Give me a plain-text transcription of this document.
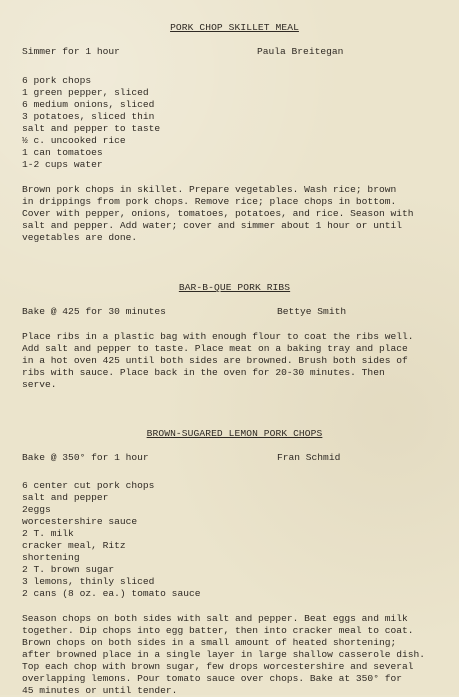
PORK CHOP SKILLET MEAL
Simmer for 1 hour	Paula Breitegan
6 pork chops
1 green pepper, sliced
6 medium onions, sliced
3 potatoes, sliced thin
salt and pepper to taste
½ c. uncooked rice
1 can tomatoes
1-2 cups water
Brown pork chops in skillet. Prepare vegetables. Wash rice; brown
in drippings from pork chops. Remove rice; place chops in bottom.
Cover with pepper, onions, tomatoes, potatoes, and rice. Season with
salt and pepper. Add water; cover and simmer about 1 hour or until
vegetables are done.
BAR-B-QUE PORK RIBS
Bake @ 425 for 30 minutes	Bettye Smith
Place ribs in a plastic bag with enough flour to coat the ribs well.
Add salt and pepper to taste. Place meat on a baking tray and place
in a hot oven 425 until both sides are browned. Brush both sides of
ribs with sauce. Place back in the oven for 20-30 minutes. Then
serve.
BROWN-SUGARED LEMON PORK CHOPS
Bake @ 350° for 1 hour	Fran Schmid
6 center cut pork chops
salt and pepper
2eggs
worcestershire sauce
2 T. milk
cracker meal, Ritz
shortening
2 T. brown sugar
3 lemons, thinly sliced
2 cans (8 oz. ea.) tomato sauce
Season chops on both sides with salt and pepper. Beat eggs and milk
together. Dip chops into egg batter, then into cracker meal to coat.
Brown chops on both sides in a small amount of heated shortening;
after browned place in a single layer in large shallow casserole dish.
Top each chop with brown sugar, few drops worcestershire and several
overlapping lemons. Pour tomato sauce over chops. Bake at 350° for
45 minutes or until tender.
